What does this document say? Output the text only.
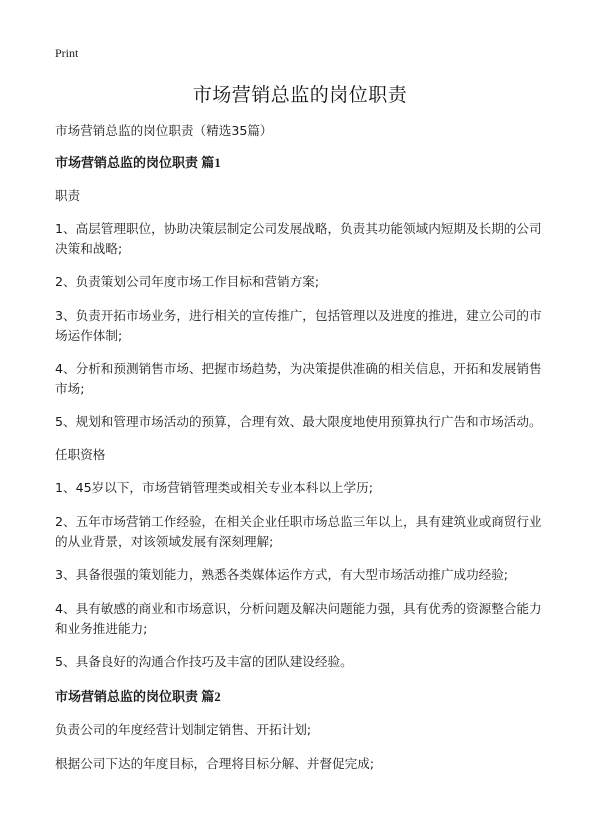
Print
市场营销总监的岗位职责

市场营销总监的岗位职责（精选35篇）

市场营销总监的岗位职责 篇1

职责

1、高层管理职位，协助决策层制定公司发展战略，负责其功能领域内短期及长期的公司决策和战略;

2、负责策划公司年度市场工作目标和营销方案;

3、负责开拓市场业务，进行相关的宣传推广，包括管理以及进度的推进，建立公司的市场运作体制;

4、分析和预测销售市场、把握市场趋势，为决策提供准确的相关信息，开拓和发展销售市场;

5、规划和管理市场活动的预算，合理有效、最大限度地使用预算执行广告和市场活动。

任职资格

1、45岁以下，市场营销管理类或相关专业本科以上学历;

2、五年市场营销工作经验，在相关企业任职市场总监三年以上，具有建筑业或商贸行业的从业背景，对该领域发展有深刻理解;

3、具备很强的策划能力，熟悉各类媒体运作方式，有大型市场活动推广成功经验;

4、具有敏感的商业和市场意识，分析问题及解决问题能力强，具有优秀的资源整合能力和业务推进能力;

5、具备良好的沟通合作技巧及丰富的团队建设经验。

市场营销总监的岗位职责 篇2

负责公司的年度经营计划制定销售、开拓计划;

根据公司下达的年度目标，合理将目标分解、并督促完成;
